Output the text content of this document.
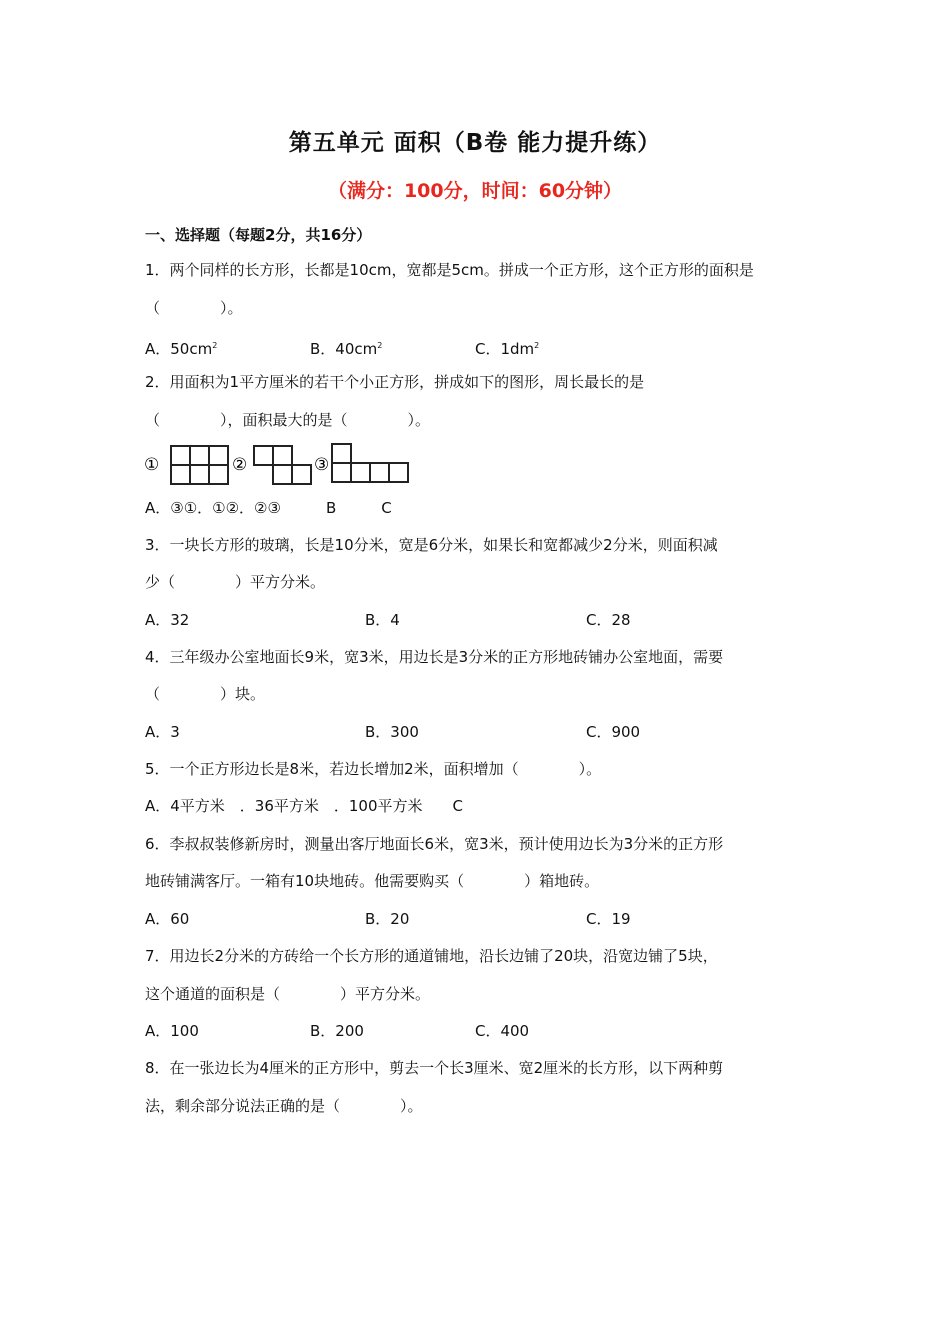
第五单元 面积（B卷 能力提升练）
（满分：100分，时间：60分钟）
一、选择题（每题2分，共16分）
1．两个同样的长方形，长都是10cm，宽都是5cm。拼成一个正方形，这个正方形的面积是
（　　　　）。
A．$50cm^2$	B．$40cm^2$	C．$1dm^2$
2．用面积为1平方厘米的若干个小正方形，拼成如下的图形，周长最长的是
（　　　　），面积最大的是（　　　　）。
①	②	③
A．③①．①②．②③　　　B　　　C
3．一块长方形的玻璃，长是10分米，宽是6分米，如果长和宽都减少2分米，则面积减
少（　　　　）平方分米。
A．32	B．4	C．28
4．三年级办公室地面长9米，宽3米，用边长是3分米的正方形地砖铺办公室地面，需要
（　　　　）块。
A．3	B．300	C．900
5．一个正方形边长是8米，若边长增加2米，面积增加（　　　　）。
A．4平方米　．36平方米　．100平方米　　C
6．李叔叔装修新房时，测量出客厅地面长6米，宽3米，预计使用边长为3分米的正方形
地砖铺满客厅。一箱有10块地砖。他需要购买（　　　　）箱地砖。
A．60	B．20	C．19
7．用边长2分米的方砖给一个长方形的通道铺地，沿长边铺了20块，沿宽边铺了5块，
这个通道的面积是（　　　　）平方分米。
A．100	B．200	C．400
8．在一张边长为4厘米的正方形中，剪去一个长3厘米、宽2厘米的长方形，以下两种剪
法，剩余部分说法正确的是（　　　　）。
